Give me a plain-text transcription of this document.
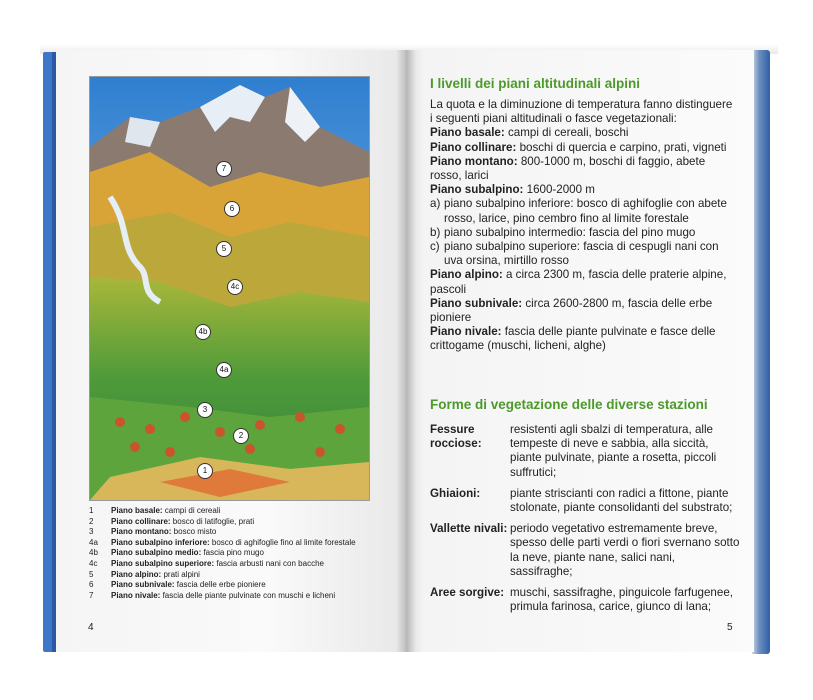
7
6
5
4c
4b
4a
3
2
1
1	Piano basale: campi di cereali
2	Piano collinare: bosco di latifoglie, prati
3	Piano montano: bosco misto
4a	Piano subalpino inferiore: bosco di aghifoglie fino al limite forestale
4b	Piano subalpino medio: fascia pino mugo
4c	Piano subalpino superiore: fascia arbusti nani con bacche
5	Piano alpino: prati alpini
6	Piano subnivale: fascia delle erbe pioniere
7	Piano nivale: fascia delle piante pulvinate con muschi e licheni
4	5
I livelli dei piani altitudinali alpini

La quota e la diminuzione di temperatura fanno distinguere i seguenti piani altitudinali o fasce vegetazionali:

Piano basale: campi di cereali, boschi

Piano collinare: boschi di quercia e carpino, prati, vigneti

Piano montano: 800-1000 m, boschi di faggio, abete rosso, larici

Piano subalpino: 1600-2000 m

a) piano subalpino inferiore: bosco di aghifoglie con abete rosso, larice, pino cembro fino al limite forestale
b) piano subalpino intermedio: fascia del pino mugo
c) piano subalpino superiore: fascia di cespugli nani con uva orsina, mirtillo rosso

Piano alpino: a circa 2300 m, fascia delle praterie alpine, pascoli

Piano subnivale: circa 2600-2800 m, fascia delle erbe pioniere

Piano nivale: fascia delle piante pulvinate e fasce delle crittogame (muschi, licheni, alghe)

Forme di vegetazione delle diverse stazioni
Fessure rocciose:
resistenti agli sbalzi di temperatura, alle tempeste di neve e sabbia, alla siccità, piante pulvinate, piante a rosetta, piccoli suffrutici;
Ghiaioni:	piante striscianti con radici a fittone, piante stolonate, piante consolidanti del substrato;
Vallette nivali: periodo vegetativo estremamente breve, spesso delle parti verdi o fiori svernano sotto la neve, piante nane, salici nani, sassifraghe;
Aree sorgive: muschi, sassifraghe, pinguicole farfugenee, primula farinosa, carice, giunco di lana;
